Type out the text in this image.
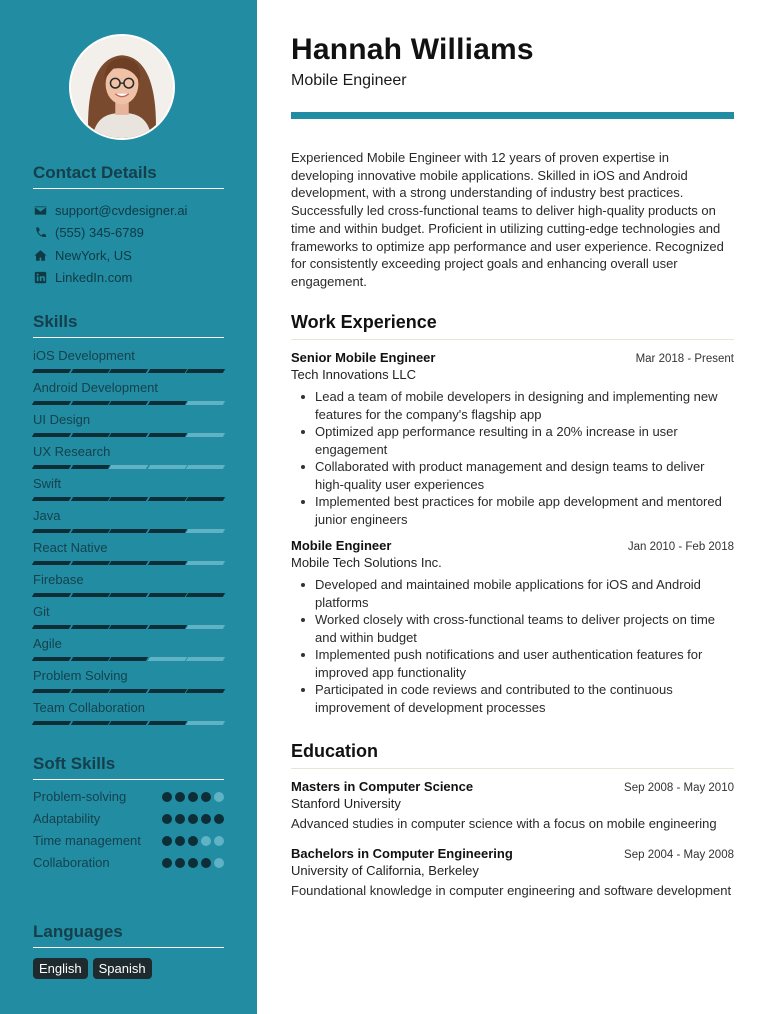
Contact Details
support@cvdesigner.ai
(555) 345-6789
NewYork, US
LinkedIn.com
Skills
iOS Development
Android Development
UI Design
UX Research
Swift
Java
React Native
Firebase
Git
Agile
Problem Solving
Team Collaboration
Soft Skills
Problem-solving
Adaptability
Time management
Collaboration
Languages
English	Spanish
Hannah Williams
Mobile Engineer
Experienced Mobile Engineer with 12 years of proven expertise in developing innovative mobile applications. Skilled in iOS and Android development, with a strong understanding of industry best practices. Successfully led cross-functional teams to deliver high-quality products on time and within budget. Proficient in utilizing cutting-edge technologies and frameworks to optimize app performance and user experience. Recognized for consistently exceeding project goals and enhancing overall user engagement.
Work Experience
Senior Mobile Engineer	Mar 2018 - Present
Tech Innovations LLC
Lead a team of mobile developers in designing and implementing new features for the company's flagship app
Optimized app performance resulting in a 20% increase in user engagement
Collaborated with product management and design teams to deliver high-quality user experiences
Implemented best practices for mobile app development and mentored junior engineers
Mobile Engineer	Jan 2010 - Feb 2018
Mobile Tech Solutions Inc.
Developed and maintained mobile applications for iOS and Android platforms
Worked closely with cross-functional teams to deliver projects on time and within budget
Implemented push notifications and user authentication features for improved app functionality
Participated in code reviews and contributed to the continuous improvement of development processes
Education
Masters in Computer Science	Sep 2008 - May 2010
Stanford University
Advanced studies in computer science with a focus on mobile engineering
Bachelors in Computer Engineering	Sep 2004 - May 2008
University of California, Berkeley
Foundational knowledge in computer engineering and software development
